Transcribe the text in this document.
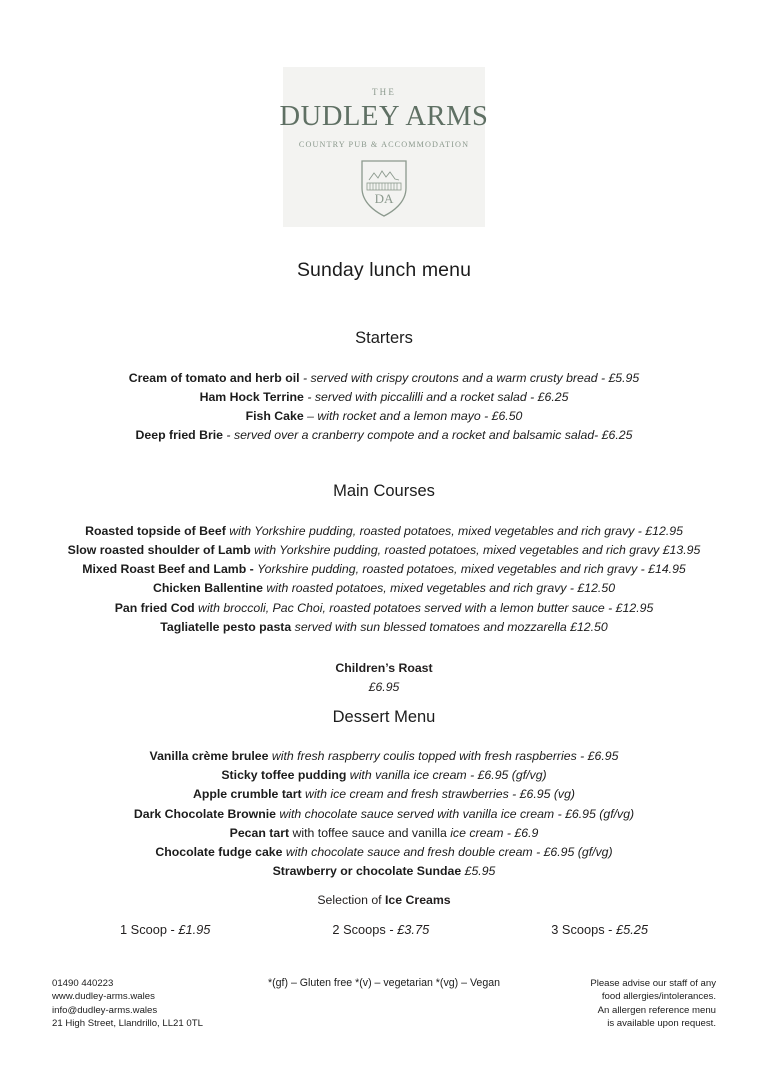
THE
DUDLEY ARMS
COUNTRY PUB & ACCOMMODATION
DA
Sunday lunch menu
Starters
Cream of tomato and herb oil - served with crispy croutons and a warm crusty bread - £5.95
Ham Hock Terrine - served with piccalilli and a rocket salad - £6.25
Fish Cake – with rocket and a lemon mayo - £6.50
Deep fried Brie - served over a cranberry compote and a rocket and balsamic salad- £6.25
Main Courses
Roasted topside of Beef with Yorkshire pudding, roasted potatoes, mixed vegetables and rich gravy - £12.95
Slow roasted shoulder of Lamb with Yorkshire pudding, roasted potatoes, mixed vegetables and rich gravy £13.95
Mixed Roast Beef and Lamb - Yorkshire pudding, roasted potatoes, mixed vegetables and rich gravy - £14.95
Chicken Ballentine with roasted potatoes, mixed vegetables and rich gravy - £12.50
Pan fried Cod with broccoli, Pac Choi, roasted potatoes served with a lemon butter sauce - £12.95
Tagliatelle pesto pasta served with sun blessed tomatoes and mozzarella £12.50
Children’s Roast
£6.95
Dessert Menu
Vanilla crème brulee with fresh raspberry coulis topped with fresh raspberries - £6.95
Sticky toffee pudding with vanilla ice cream - £6.95 (gf/vg)
Apple crumble tart with ice cream and fresh strawberries - £6.95 (vg)
Dark Chocolate Brownie with chocolate sauce served with vanilla ice cream - £6.95 (gf/vg)
Pecan tart with toffee sauce and vanilla ice cream - £6.9
Chocolate fudge cake with chocolate sauce and fresh double cream - £6.95 (gf/vg)
Strawberry or chocolate Sundae £5.95
Selection of Ice Creams
1 Scoop - £1.95	2 Scoops - £3.75	3 Scoops - £5.25
01490 440223
www.dudley-arms.wales
info@dudley-arms.wales
21 High Street, Llandrillo, LL21 0TL
*(gf) – Gluten free *(v) – vegetarian *(vg) – Vegan	Please advise our staff of any
food allergies/intolerances.
An allergen reference menu
is available upon request.
